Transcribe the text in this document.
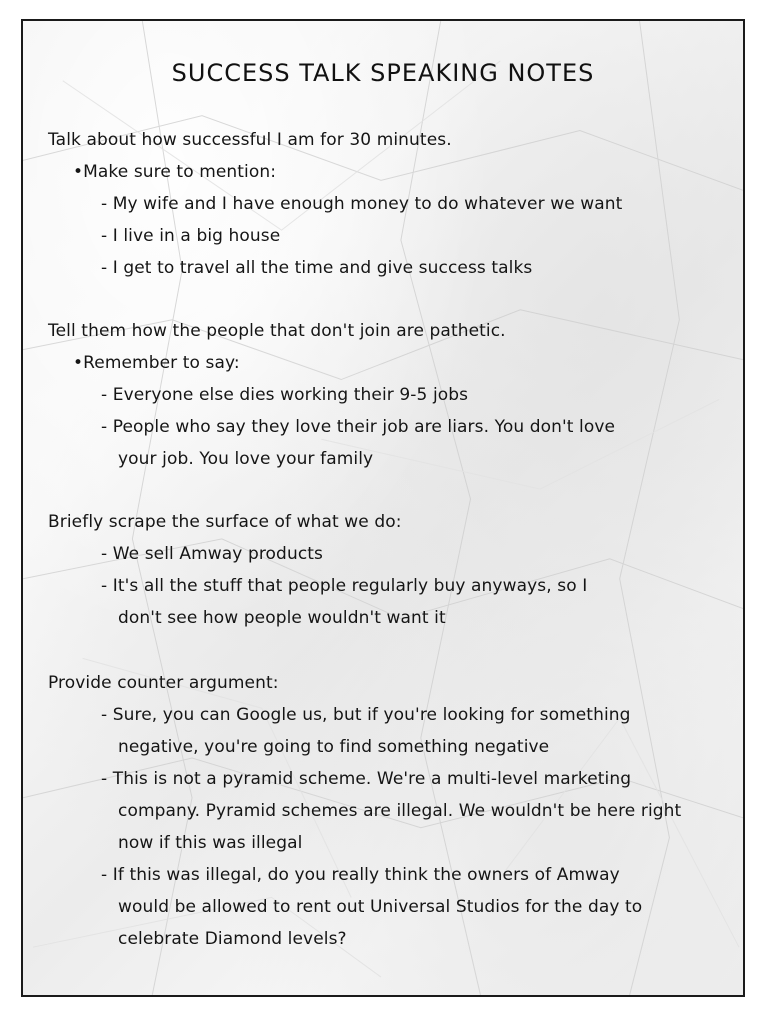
SUCCESS TALK SPEAKING NOTES
Talk about how successful I am for 30 minutes.
•Make sure to mention:
- My wife and I have enough money to do whatever we want
- I live in a big house
- I get to travel all the time and give success talks
Tell them how the people that don't join are pathetic.
•Remember to say:
- Everyone else dies working their 9-5 jobs
- People who say they love their job are liars. You don't love
your job. You love your family
Briefly scrape the surface of what we do:
- We sell Amway products
- It's all the stuff that people regularly buy anyways, so I
don't see how people wouldn't want it
Provide counter argument:
- Sure, you can Google us, but if you're looking for something
negative, you're going to find something negative
- This is not a pyramid scheme. We're a multi-level marketing
company. Pyramid schemes are illegal. We wouldn't be here right
now if this was illegal
- If this was illegal, do you really think the owners of Amway
would be allowed to rent out Universal Studios for the day to
celebrate Diamond levels?
